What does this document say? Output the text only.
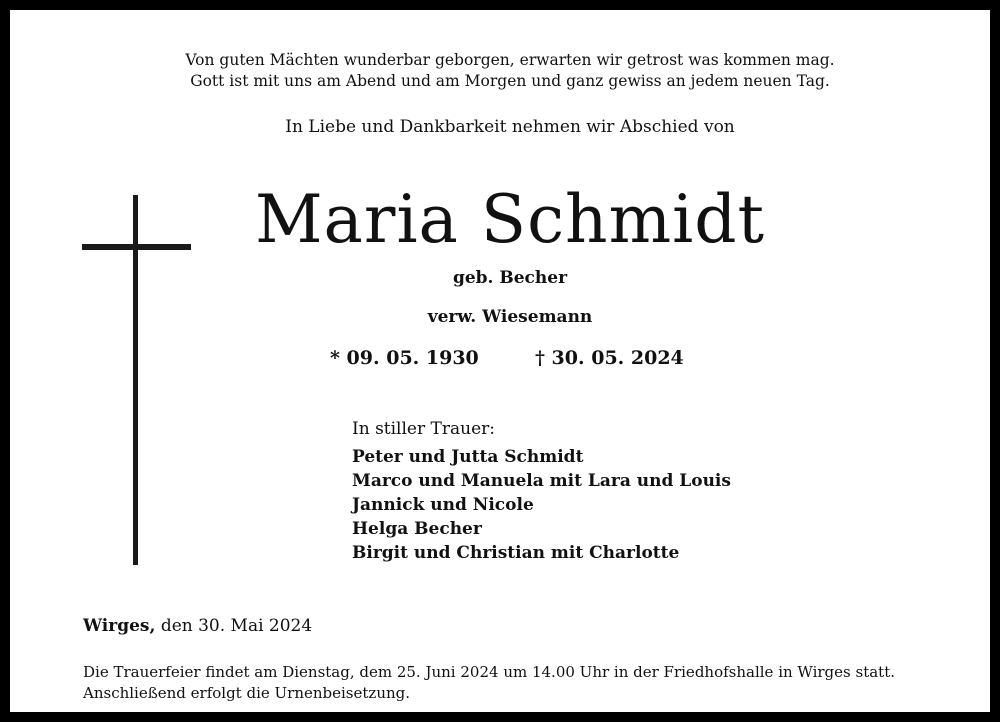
Von guten Mächten wunderbar geborgen, erwarten wir getrost was kommen mag.
Gott ist mit uns am Abend und am Morgen und ganz gewiss an jedem neuen Tag.
In Liebe und Dankbarkeit nehmen wir Abschied von
Maria Schmidt
geb. Becher
verw. Wiesemann
* 09. 05. 1930	† 30. 05. 2024
In stiller Trauer:
Peter und Jutta Schmidt
Marco und Manuela mit Lara und Louis
Jannick und Nicole
Helga Becher
Birgit und Christian mit Charlotte
Wirges, den 30. Mai 2024
Die Trauerfeier findet am Dienstag, dem 25. Juni 2024 um 14.00 Uhr in der Friedhofshalle in Wirges statt. Anschließend erfolgt die Urnenbeisetzung.
